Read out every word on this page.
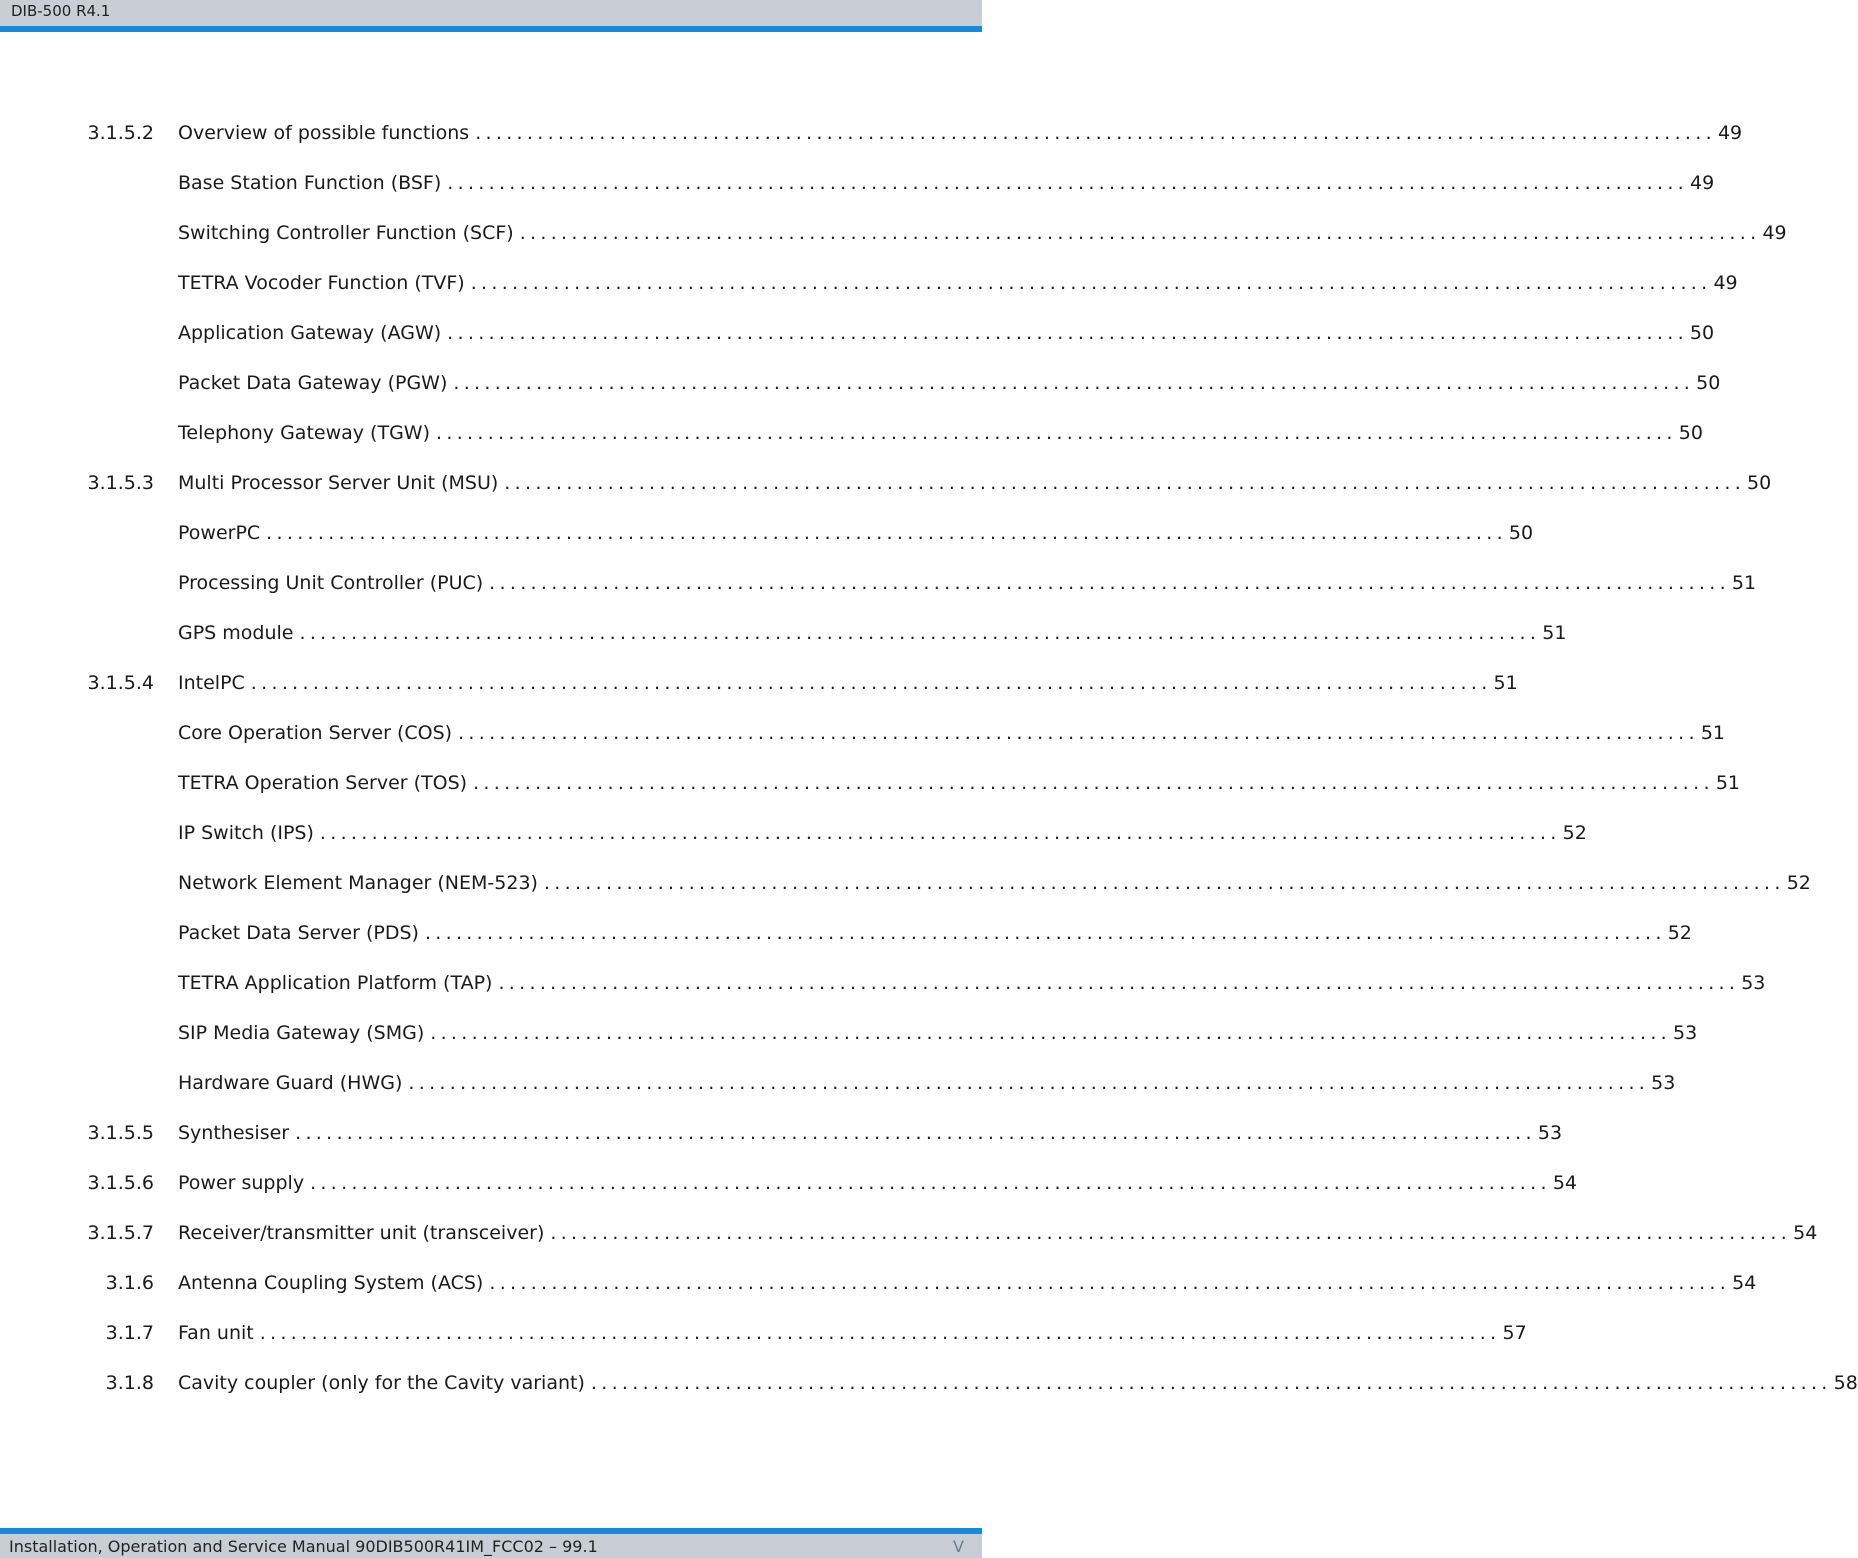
DIB-500 R4.1
3.1.5.2 Overview of possible functions ........................................................................................................................ 49
Base Station Function (BSF) ........................................................................................................................ 49
Switching Controller Function (SCF) ........................................................................................................................ 49
TETRA Vocoder Function (TVF) ........................................................................................................................ 49
Application Gateway (AGW) ........................................................................................................................ 50
Packet Data Gateway (PGW) ........................................................................................................................ 50
Telephony Gateway (TGW) ........................................................................................................................ 50
3.1.5.3 Multi Processor Server Unit (MSU) ........................................................................................................................ 50
PowerPC ........................................................................................................................ 50
Processing Unit Controller (PUC) ........................................................................................................................ 51
GPS module ........................................................................................................................ 51
3.1.5.4 IntelPC ........................................................................................................................ 51
Core Operation Server (COS) ........................................................................................................................ 51
TETRA Operation Server (TOS) ........................................................................................................................ 51
IP Switch (IPS) ........................................................................................................................ 52
Network Element Manager (NEM-523) ........................................................................................................................ 52
Packet Data Server (PDS) ........................................................................................................................ 52
TETRA Application Platform (TAP) ........................................................................................................................ 53
SIP Media Gateway (SMG) ........................................................................................................................ 53
Hardware Guard (HWG) ........................................................................................................................ 53
3.1.5.5 Synthesiser ........................................................................................................................ 53
3.1.5.6 Power supply ........................................................................................................................ 54
3.1.5.7 Receiver/transmitter unit (transceiver) ........................................................................................................................ 54
3.1.6 Antenna Coupling System (ACS) ........................................................................................................................ 54
3.1.7 Fan unit ........................................................................................................................ 57
3.1.8 Cavity coupler (only for the Cavity variant) ........................................................................................................................ 58
Installation, Operation and Service Manual 90DIB500R41IM_FCC02 – 99.1	V
